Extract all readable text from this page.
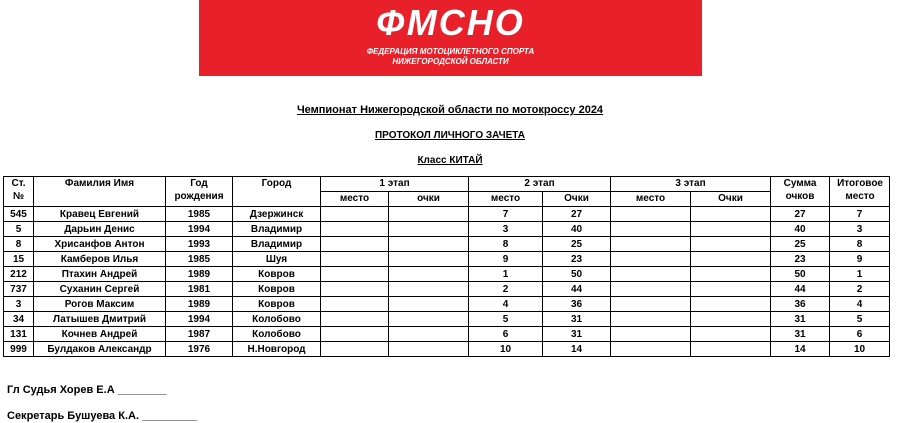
ФМСНО
ФЕДЕРАЦИЯ МОТОЦИКЛЕТНОГО СПОРТА
НИЖЕГОРОДСКОЙ ОБЛАСТИ
Чемпионат Нижегородской области по мотокроссу 2024
ПРОТОКОЛ ЛИЧНОГО ЗАЧЕТА
Класс КИТАЙ
Ст. №	Фамилия Имя	Год рождения	Город	1 этап		2 этап		3 этап		Сумма очков	Итоговое место

				место	очки	место	Очки	место	Очки		
545	Кравец Евгений	1985	Дзержинск			7	27			27	7
5	Дарьин Денис	1994	Владимир			3	40			40	3
8	Хрисанфов Антон	1993	Владимир			8	25			25	8
15	Камберов Илья	1985	Шуя			9	23			23	9
212	Птахин Андрей	1989	Ковров			1	50			50	1
737	Суханин Сергей	1981	Ковров			2	44			44	2
3	Рогов Максим	1989	Ковров			4	36			36	4
34	Латышев Дмитрий	1994	Колобово			5	31			31	5
131	Кочнев Андрей	1987	Колобово			6	31			31	6
999	Булдаков Александр	1976	Н.Новгород			10	14			14	10
Гл Судья Хорев Е.А ________
Секретарь Бушуева К.А. _________
